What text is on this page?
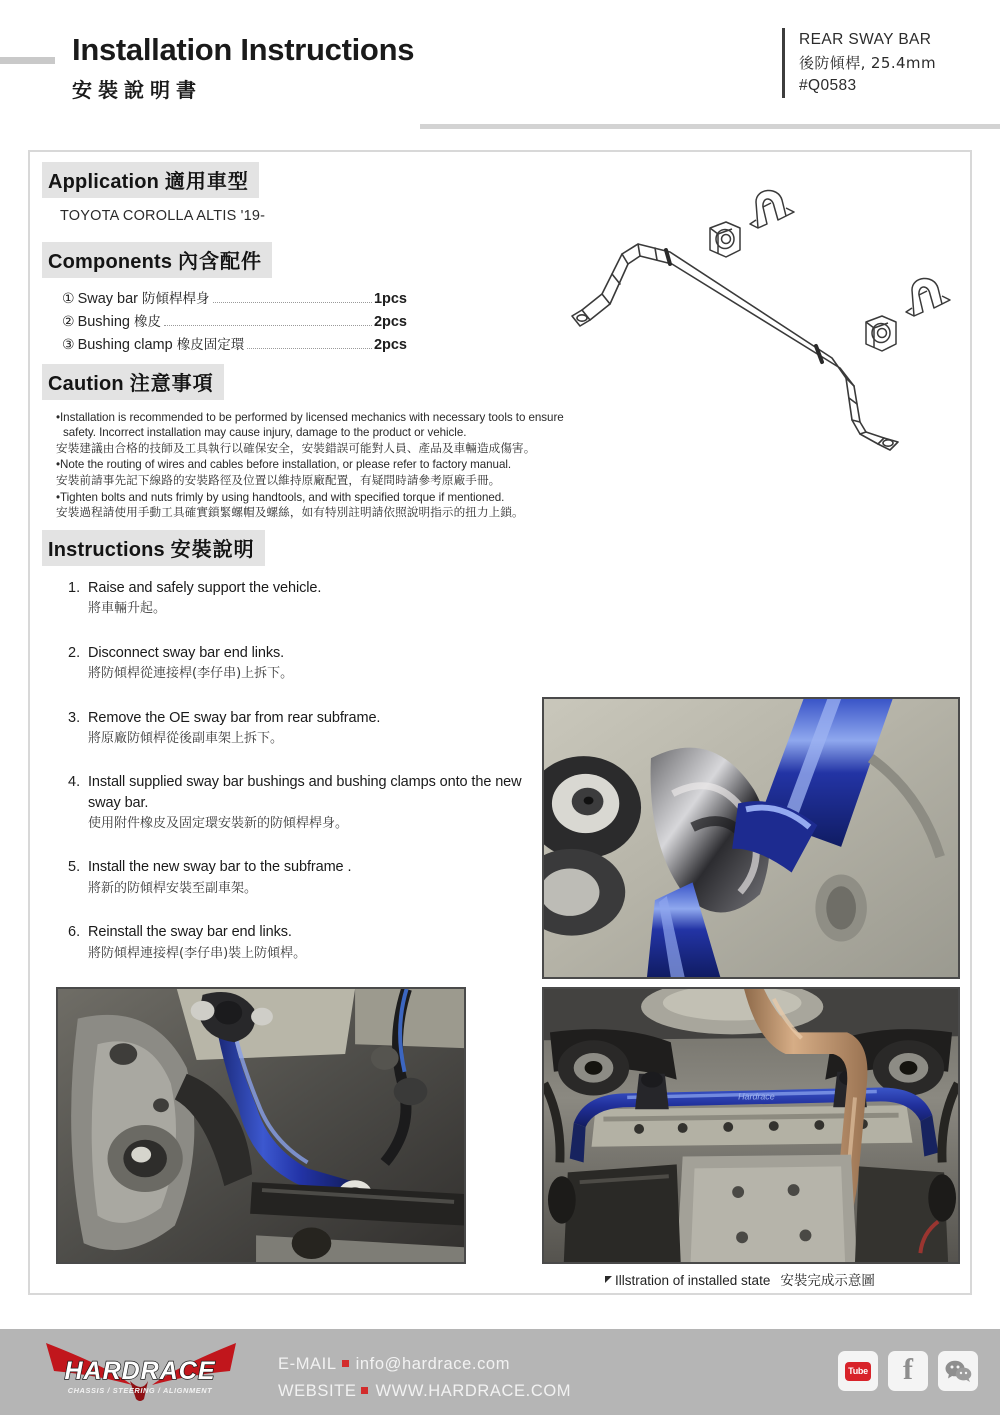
Installation Instructions
安裝說明書
REAR SWAY BAR
後防傾桿, 25.4mm
#Q0583
Application 適用車型
TOYOTA COROLLA ALTIS '19-
Components 內含配件
① Sway bar 防傾桿桿身	1pcs
② Bushing 橡皮	2pcs
③ Bushing clamp 橡皮固定環	2pcs
Caution 注意事項
•Installation is recommended to be performed by licensed mechanics with necessary tools to ensure safety. Incorrect installation may cause injury, damage to the product or vehicle.
安裝建議由合格的技師及工具執行以確保安全，安裝錯誤可能對人員、產品及車輛造成傷害。
•Note the routing of wires and cables before installation, or please refer to factory manual.
安裝前請事先記下線路的安裝路徑及位置以維持原廠配置，有疑問時請參考原廠手冊。
•Tighten bolts and nuts frimly by using handtools, and with specified torque if mentioned.
安裝過程請使用手動工具確實鎖緊螺帽及螺絲，如有特別註明請依照說明指示的扭力上鎖。
Instructions 安裝說明
1. Raise and safely support the vehicle.
將車輛升起。
2. Disconnect sway bar end links.
將防傾桿從連接桿(李仔串)上拆下。
3. Remove the OE sway bar from rear subframe.
將原廠防傾桿從後副車架上拆下。
4. Install supplied sway bar bushings and bushing clamps onto the new sway bar.
使用附件橡皮及固定環安裝新的防傾桿桿身。
5. Install the new sway bar to the subframe .
將新的防傾桿安裝至副車架。
6. Reinstall the sway bar end links.
將防傾桿連接桿(李仔串)裝上防傾桿。
Hardrace
Illstration of installed state 安裝完成示意圖
HARDRACE
CHASSIS / STEERING / ALIGNMENT
E-MAIL info@hardrace.com
WEBSITE WWW.HARDRACE.COM
Tube f
